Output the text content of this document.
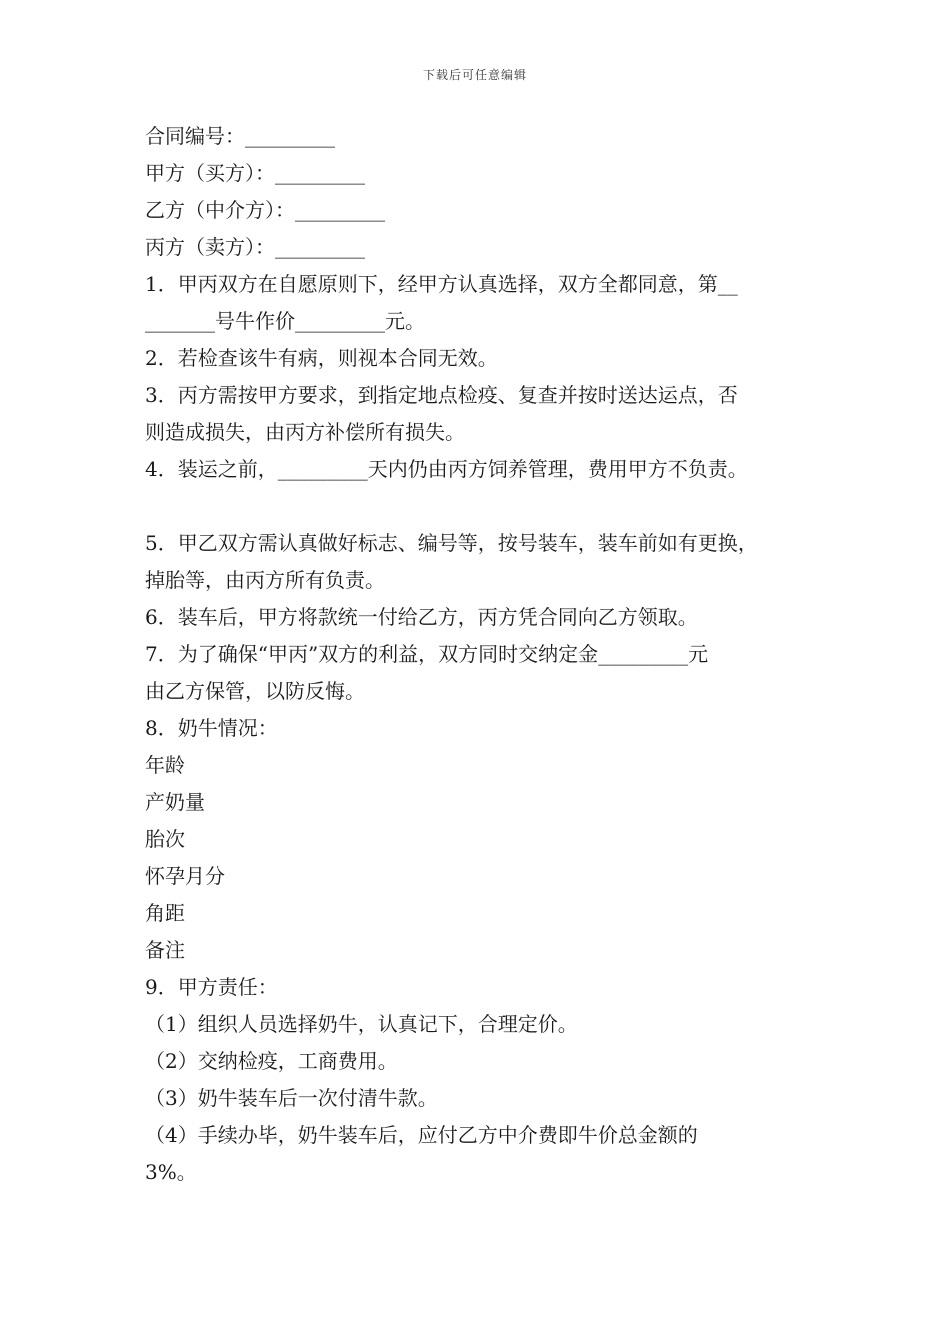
下载后可任意编辑

合同编号：_________

甲方（买方）：_________

乙方（中介方）：_________

丙方（卖方）：_________

1．甲丙双方在自愿原则下，经甲方认真选择，双方全都同意，第__

_______号牛作价_________元。

2．若检查该牛有病，则视本合同无效。

3．丙方需按甲方要求，到指定地点检疫、复查并按时送达运点，否

则造成损失，由丙方补偿所有损失。

4．装运之前，_________天内仍由丙方饲养管理，费用甲方不负责。

5．甲乙双方需认真做好标志、编号等，按号装车，装车前如有更换，

掉胎等，由丙方所有负责。

6．装车后，甲方将款统一付给乙方，丙方凭合同向乙方领取。

7．为了确保“甲丙”双方的利益，双方同时交纳定金_________元

由乙方保管，以防反悔。

8．奶牛情况：

年龄

产奶量

胎次

怀孕月分

角距

备注

9．甲方责任：

（1）组织人员选择奶牛，认真记下，合理定价。

（2）交纳检疫，工商费用。

（3）奶牛装车后一次付清牛款。

（4）手续办毕，奶牛装车后，应付乙方中介费即牛价总金额的

3%。
